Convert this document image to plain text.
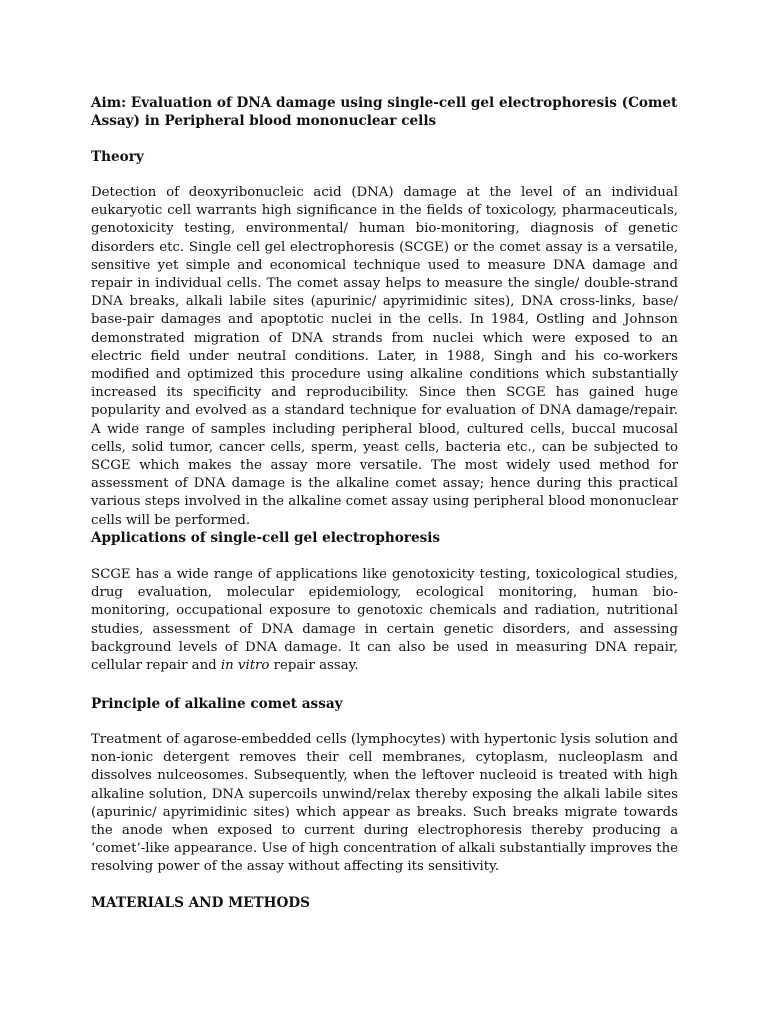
Aim: Evaluation of DNA damage using single-cell gel electrophoresis (Comet Assay) in Peripheral blood mononuclear cells

Theory

Detection of deoxyribonucleic acid (DNA) damage at the level of an individual eukaryotic cell warrants high significance in the fields of toxicology, pharmaceuticals, genotoxicity testing, environmental/ human bio-monitoring, diagnosis of genetic disorders etc. Single cell gel electrophoresis (SCGE) or the comet assay is a versatile, sensitive yet simple and economical technique used to measure DNA damage and repair in individual cells. The comet assay helps to measure the single/ double-strand DNA breaks, alkali labile sites (apurinic/ apyrimidinic sites), DNA cross-links, base/ base-pair damages and apoptotic nuclei in the cells. In 1984, Ostling and Johnson demonstrated migration of DNA strands from nuclei which were exposed to an electric field under neutral conditions. Later, in 1988, Singh and his co-workers modified and optimized this procedure using alkaline conditions which substantially increased its specificity and reproducibility. Since then SCGE has gained huge popularity and evolved as a standard technique for evaluation of DNA damage/repair. A wide range of samples including peripheral blood, cultured cells, buccal mucosal cells, solid tumor, cancer cells, sperm, yeast cells, bacteria etc., can be subjected to SCGE which makes the assay more versatile. The most widely used method for assessment of DNA damage is the alkaline comet assay; hence during this practical various steps involved in the alkaline comet assay using peripheral blood mononuclear cells will be performed.

Applications of single-cell gel electrophoresis

SCGE has a wide range of applications like genotoxicity testing, toxicological studies, drug evaluation, molecular epidemiology, ecological monitoring, human bio-monitoring, occupational exposure to genotoxic chemicals and radiation, nutritional studies, assessment of DNA damage in certain genetic disorders, and assessing background levels of DNA damage. It can also be used in measuring DNA repair, cellular repair and in vitro repair assay.

Principle of alkaline comet assay

Treatment of agarose-embedded cells (lymphocytes) with hypertonic lysis solution and non-ionic detergent removes their cell membranes, cytoplasm, nucleoplasm and dissolves nulceosomes. Subsequently, when the leftover nucleoid is treated with high alkaline solution, DNA supercoils unwind/relax thereby exposing the alkali labile sites (apurinic/ apyrimidinic sites) which appear as breaks. Such breaks migrate towards the anode when exposed to current during electrophoresis thereby producing a ‘comet’-like appearance. Use of high concentration of alkali substantially improves the resolving power of the assay without affecting its sensitivity.

MATERIALS AND METHODS
